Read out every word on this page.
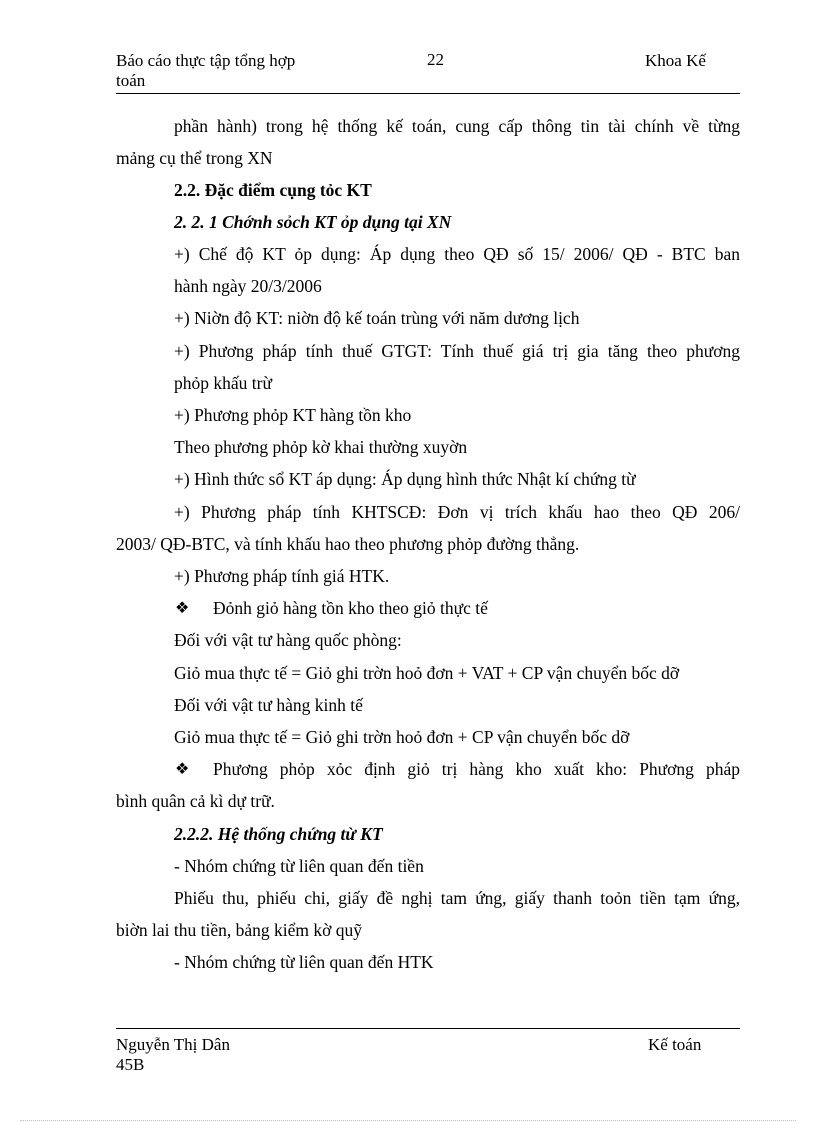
Báo cáo thực tập tổng hợp
toán
22	Khoa Kế
phần hành) trong hệ thống kế toán, cung cấp thông tin tài chính về từng
mảng cụ thể trong XN
2.2. Đặc điểm cụng tỏc KT
2. 2. 1 Chớnh sỏch KT ỏp dụng tại XN
+) Chế độ KT ỏp dụng: Áp dụng theo QĐ số 15/ 2006/ QĐ - BTC ban
hành ngày 20/3/2006
+) Niờn độ KT: niờn độ kế toán trùng với năm dương lịch
+) Phương pháp tính thuế GTGT: Tính thuế giá trị gia tăng theo phương
phỏp khấu trừ
+) Phương phỏp KT hàng tồn kho
Theo phương phỏp kờ khai thường xuyờn
+) Hình thức sổ KT áp dụng: Áp dụng hình thức Nhật kí chứng từ
+) Phương pháp tính KHTSCĐ: Đơn vị trích khấu hao theo QĐ 206/
2003/ QĐ-BTC, và tính khấu hao theo phương phỏp đường thẳng.
+) Phương pháp tính giá HTK.
❖ Đỏnh giỏ hàng tồn kho theo giỏ thực tế
Đối với vật tư hàng quốc phòng:
Giỏ mua thực tế = Giỏ ghi trờn hoỏ đơn + VAT + CP vận chuyển bốc dỡ
Đối với vật tư hàng kinh tế
Giỏ mua thực tế = Giỏ ghi trờn hoỏ đơn + CP vận chuyển bốc dỡ
❖ Phương phỏp xỏc định giỏ trị hàng kho xuất kho: Phương pháp
bình quân cả kì dự trữ.
2.2.2. Hệ thống chứng từ KT
- Nhóm chứng từ liên quan đến tiền
Phiếu thu, phiếu chi, giấy đề nghị tam ứng, giấy thanh toỏn tiền tạm ứng,
biờn lai thu tiền, bảng kiểm kờ quỹ
- Nhóm chứng từ liên quan đến HTK
Nguyễn Thị Dân
45B
Kế toán
